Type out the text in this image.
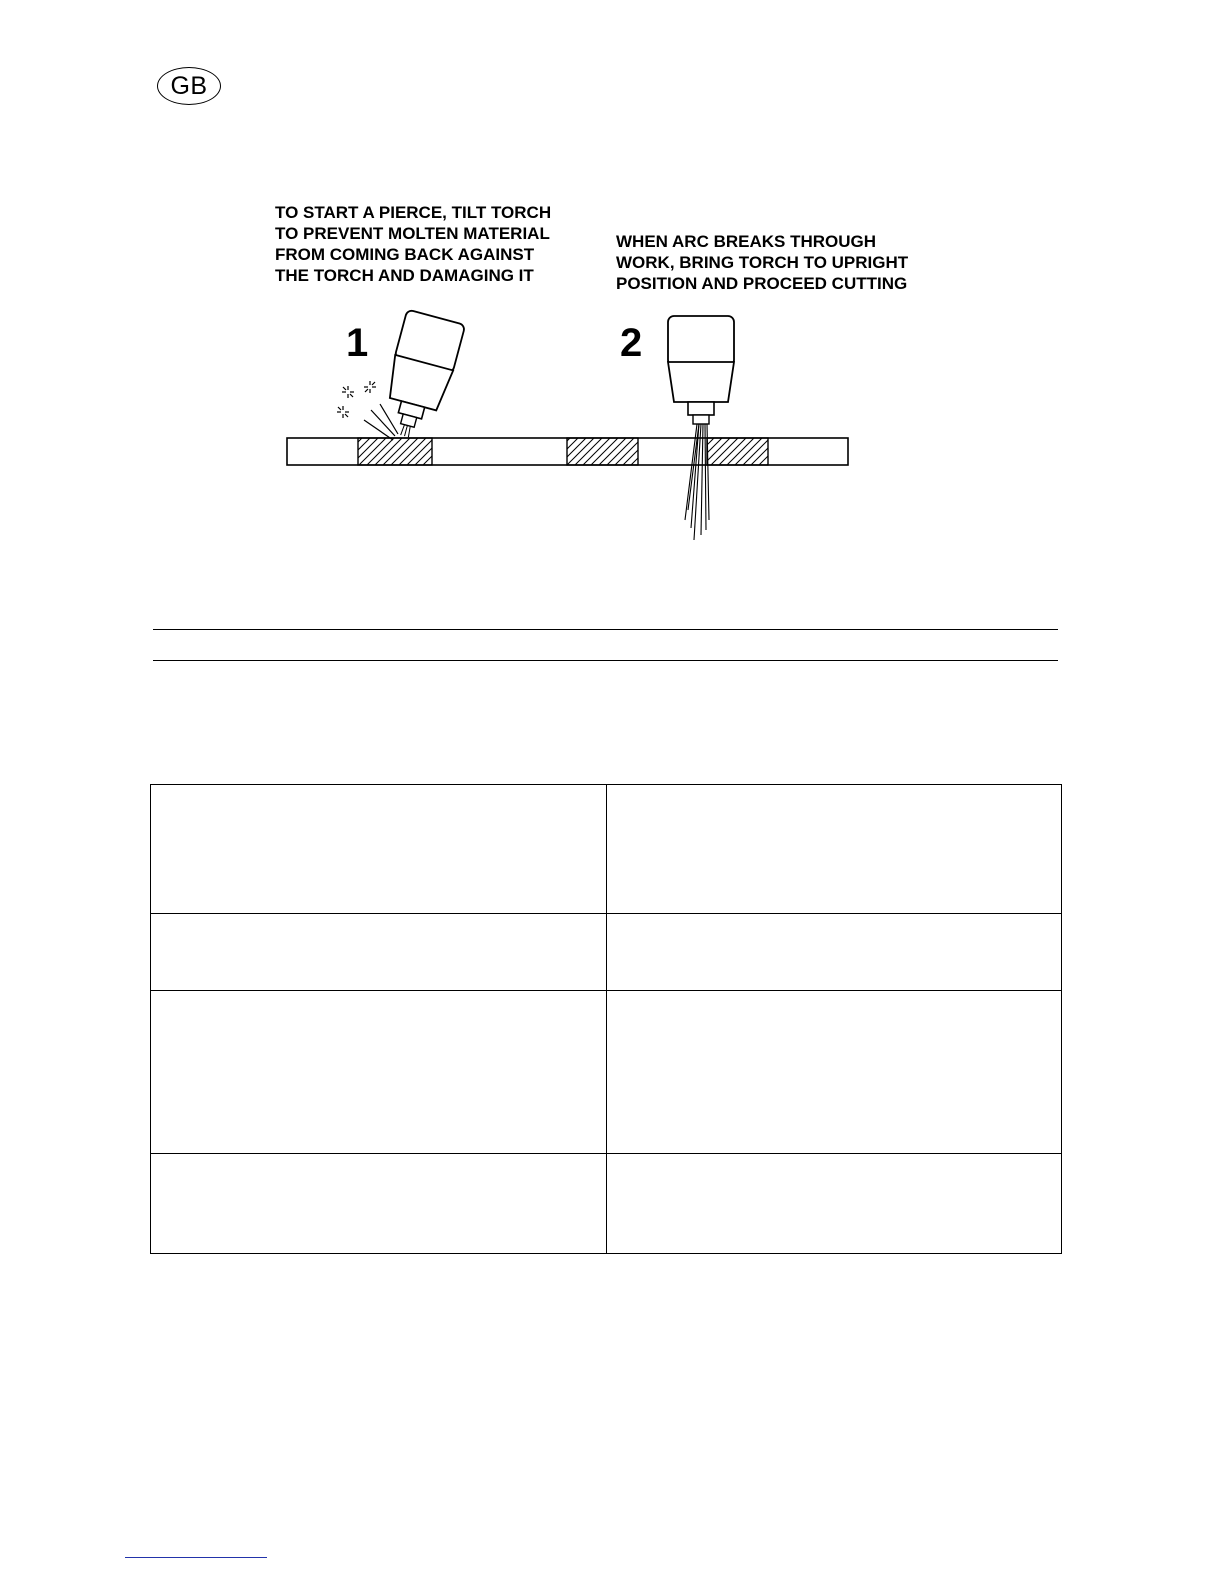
GB
TO START A PIERCE, TILT TORCH
TO PREVENT MOLTEN MATERIAL
FROM COMING BACK AGAINST
THE TORCH AND DAMAGING IT
WHEN ARC BREAKS THROUGH
WORK, BRING TORCH TO UPRIGHT
POSITION AND PROCEED CUTTING
1	2
